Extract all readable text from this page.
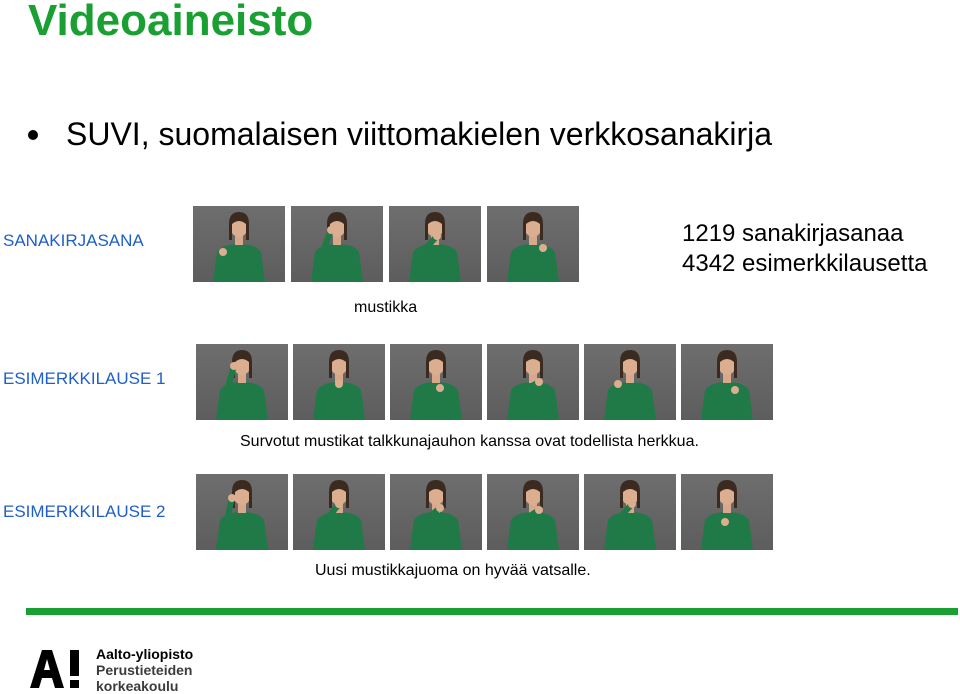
Videoaineisto
SUVI, suomalaisen viittomakielen verkkosanakirja
SANAKIRJASANA
mustikka
1219 sanakirjasanaa
4342 esimerkkilausetta
ESIMERKKILAUSE 1
Survotut mustikat talkkunajauhon kanssa ovat todellista herkkua.
ESIMERKKILAUSE 2
Uusi mustikkajuoma on hyvää vatsalle.
Aalto-yliopisto
Perustieteiden
korkeakoulu
